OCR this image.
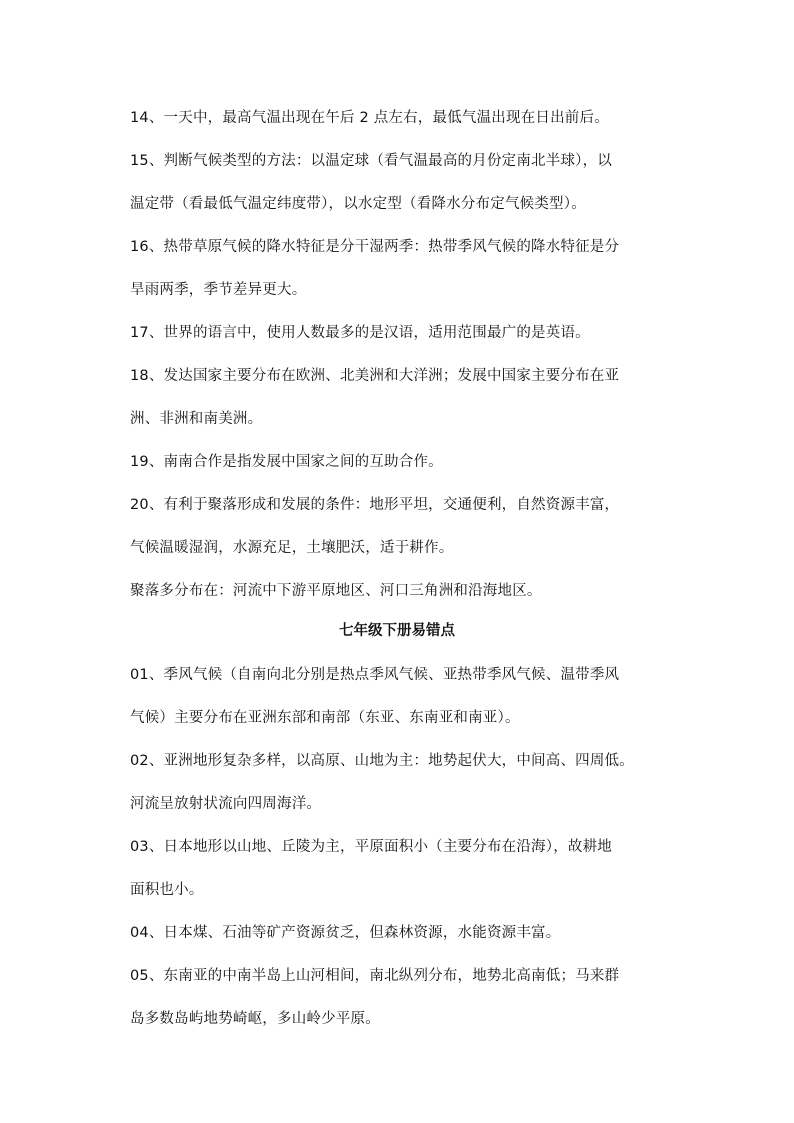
14、一天中，最高气温出现在午后 2 点左右，最低气温出现在日出前后。
15、判断气候类型的方法：以温定球（看气温最高的月份定南北半球），以
温定带（看最低气温定纬度带），以水定型（看降水分布定气候类型）。
16、热带草原气候的降水特征是分干湿两季：热带季风气候的降水特征是分
旱雨两季，季节差异更大。
17、世界的语言中，使用人数最多的是汉语，适用范围最广的是英语。
18、发达国家主要分布在欧洲、北美洲和大洋洲；发展中国家主要分布在亚
洲、非洲和南美洲。
19、南南合作是指发展中国家之间的互助合作。
20、有利于聚落形成和发展的条件：地形平坦，交通便利，自然资源丰富，
气候温暖湿润，水源充足，土壤肥沃，适于耕作。
聚落多分布在：河流中下游平原地区、河口三角洲和沿海地区。
七年级下册易错点
01、季风气候（自南向北分别是热点季风气候、亚热带季风气候、温带季风
气候）主要分布在亚洲东部和南部（东亚、东南亚和南亚）。
02、亚洲地形复杂多样，以高原、山地为主：地势起伏大，中间高、四周低。
河流呈放射状流向四周海洋。
03、日本地形以山地、丘陵为主，平原面积小（主要分布在沿海），故耕地
面积也小。
04、日本煤、石油等矿产资源贫乏，但森林资源，水能资源丰富。
05、东南亚的中南半岛上山河相间，南北纵列分布，地势北高南低；马来群
岛多数岛屿地势崎岖，多山岭少平原。
